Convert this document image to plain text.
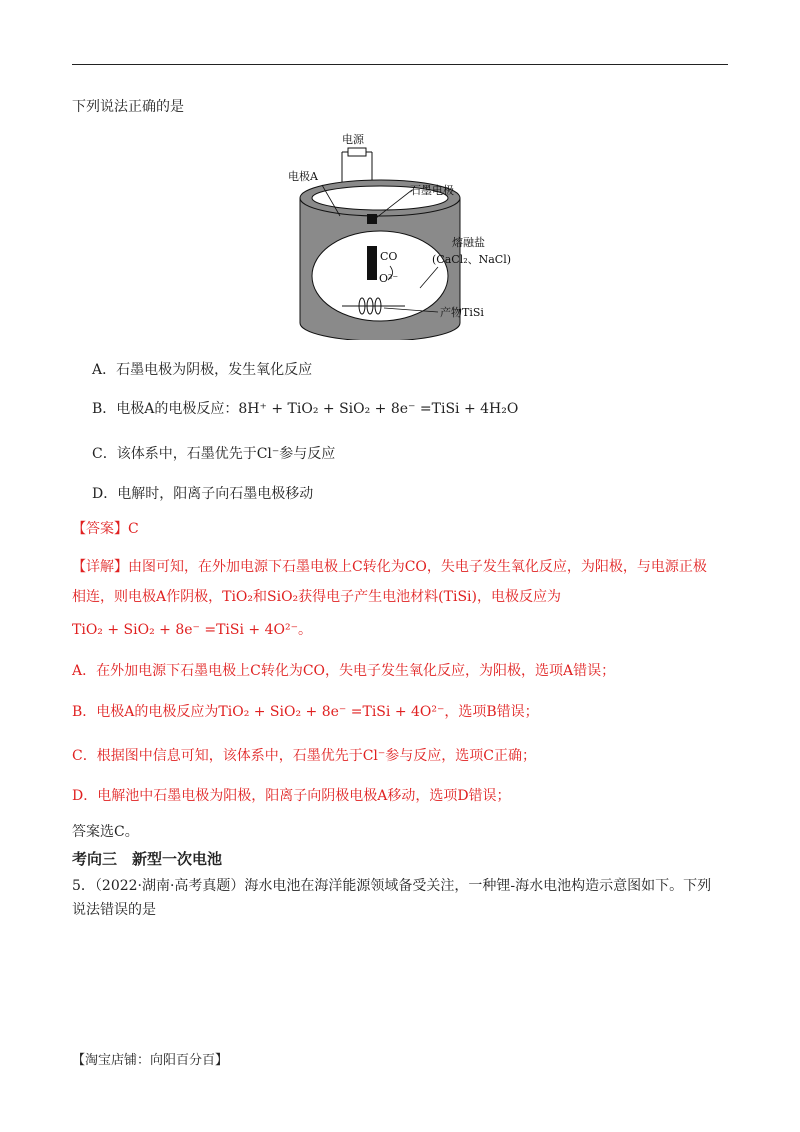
下列说法正确的是
电源
电极A
石墨电极
CO
O²⁻
熔融盐
(CaCl₂、NaCl)
产物TiSi
A．石墨电极为阴极，发生氧化反应
B．电极A的电极反应：8H⁺ + TiO₂ + SiO₂ + 8e⁻ =TiSi + 4H₂O
C．该体系中，石墨优先于Cl⁻参与反应
D．电解时，阳离子向石墨电极移动
【答案】C
【详解】由图可知，在外加电源下石墨电极上C转化为CO，失电子发生氧化反应，为阳极，与电源正极
相连，则电极A作阴极，TiO₂和SiO₂获得电子产生电池材料(TiSi)，电极反应为
TiO₂ + SiO₂ + 8e⁻ =TiSi + 4O²⁻。
A．在外加电源下石墨电极上C转化为CO，失电子发生氧化反应，为阳极，选项A错误；
B．电极A的电极反应为TiO₂ + SiO₂ + 8e⁻ =TiSi + 4O²⁻，选项B错误；
C．根据图中信息可知，该体系中，石墨优先于Cl⁻参与反应，选项C正确；
D．电解池中石墨电极为阳极，阳离子向阴极电极A移动，选项D错误；
答案选C。
考向三　新型一次电池
5．（2022·湖南·高考真题）海水电池在海洋能源领域备受关注，一种锂-海水电池构造示意图如下。下列
说法错误的是
【淘宝店铺：向阳百分百】
